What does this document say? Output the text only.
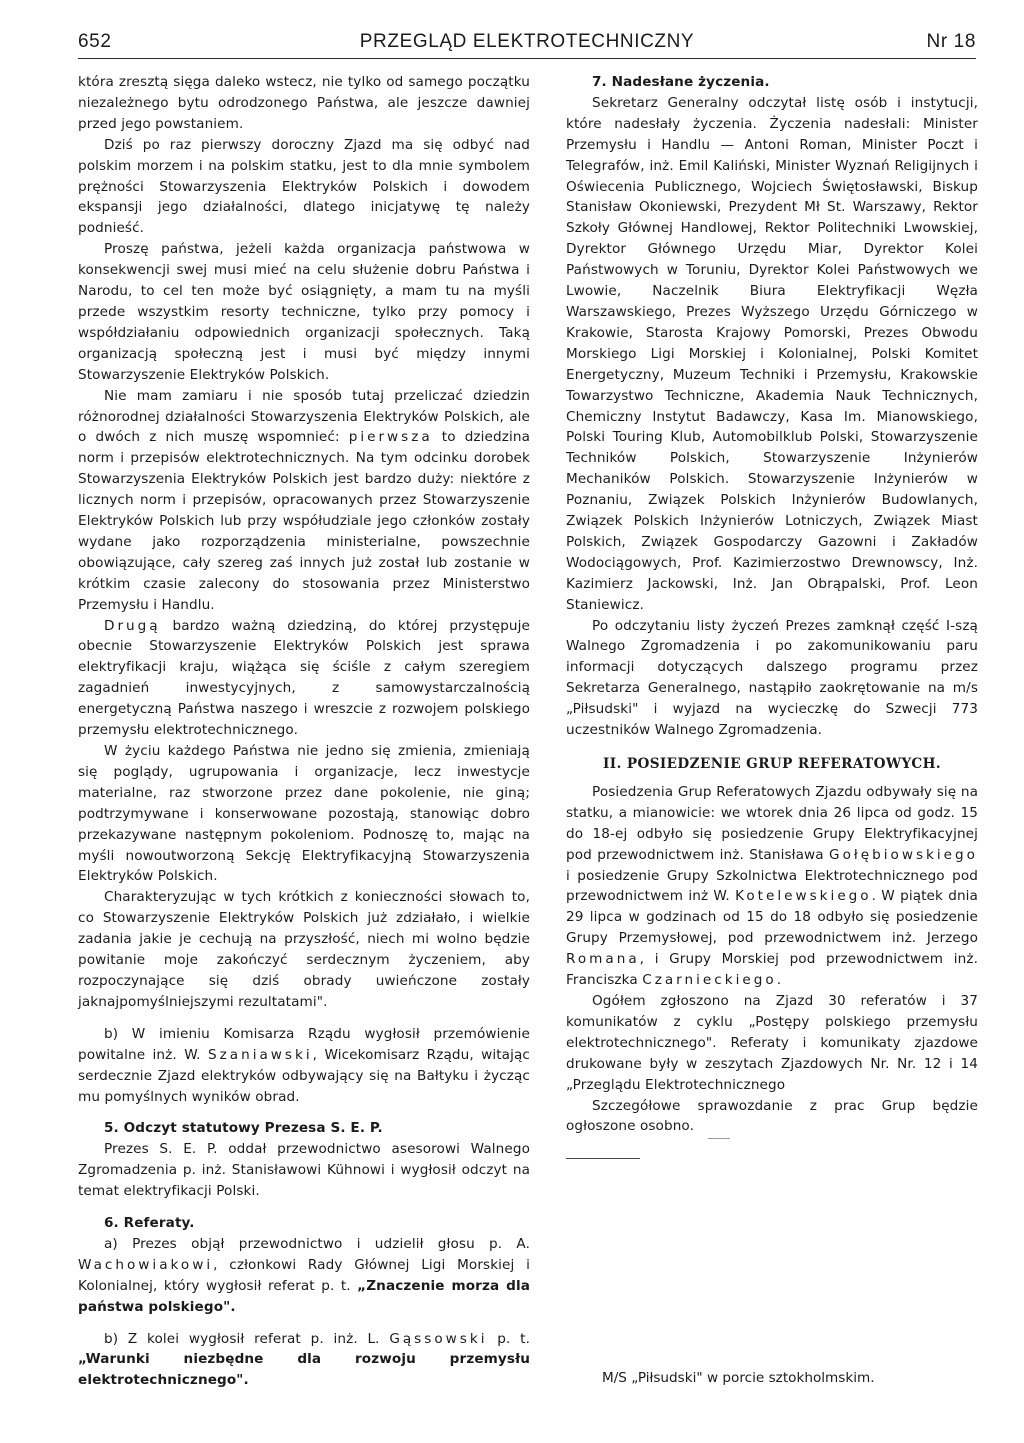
652	PRZEGLĄD ELEKTROTECHNICZNY	Nr 18

która zresztą sięga daleko wstecz, nie tylko od samego początku niezależnego bytu odrodzonego Państwa, ale jeszcze dawniej przed jego powstaniem.

Dziś po raz pierwszy doroczny Zjazd ma się odbyć nad polskim morzem i na polskim statku, jest to dla mnie symbolem prężności Stowarzyszenia Elektryków Polskich i dowodem ekspansji jego działalności, dlatego inicjatywę tę należy podnieść.

Proszę państwa, jeżeli każda organizacja państwowa w konsekwencji swej musi mieć na celu służenie dobru Państwa i Narodu, to cel ten może być osiągnięty, a mam tu na myśli przede wszystkim resorty techniczne, tylko przy pomocy i współdziałaniu odpowiednich organizacji społecznych. Taką organizacją społeczną jest i musi być między innymi Stowarzyszenie Elektryków Polskich.

Nie mam zamiaru i nie sposób tutaj przeliczać dziedzin różnorodnej działalności Stowarzyszenia Elektryków Polskich, ale o dwóch z nich muszę wspomnieć: pierwsza to dziedzina norm i przepisów elektrotechnicznych. Na tym odcinku dorobek Stowarzyszenia Elektryków Polskich jest bardzo duży: niektóre z licznych norm i przepisów, opracowanych przez Stowarzyszenie Elektryków Polskich lub przy współudziale jego członków zostały wydane jako rozporządzenia ministerialne, powszechnie obowiązujące, cały szereg zaś innych już został lub zostanie w krótkim czasie zalecony do stosowania przez Ministerstwo Przemysłu i Handlu.

Drugą bardzo ważną dziedziną, do której przystępuje obecnie Stowarzyszenie Elektryków Polskich jest sprawa elektryfikacji kraju, wiążąca się ściśle z całym szeregiem zagadnień inwestycyjnych, z samowystarczalnością energetyczną Państwa naszego i wreszcie z rozwojem polskiego przemysłu elektrotechnicznego.

W życiu każdego Państwa nie jedno się zmienia, zmieniają się poglądy, ugrupowania i organizacje, lecz inwestycje materialne, raz stworzone przez dane pokolenie, nie giną; podtrzymywane i konserwowane pozostają, stanowiąc dobro przekazywane następnym pokoleniom. Podnoszę to, mając na myśli nowoutworzoną Sekcję Elektryfikacyjną Stowarzyszenia Elektryków Polskich.

Charakteryzując w tych krótkich z konieczności słowach to, co Stowarzyszenie Elektryków Polskich już zdziałało, i wielkie zadania jakie je cechują na przyszłość, niech mi wolno będzie powitanie moje zakończyć serdecznym życzeniem, aby rozpoczynające się dziś obrady uwieńczone zostały jaknajpomyślniejszymi rezultatami".

b) W imieniu Komisarza Rządu wygłosił przemówienie powitalne inż. W. Szaniawski, Wicekomisarz Rządu, witając serdecznie Zjazd elektryków odbywający się na Bałtyku i życząc mu pomyślnych wyników obrad.

5. Odczyt statutowy Prezesa S. E. P.

Prezes S. E. P. oddał przewodnictwo asesorowi Walnego Zgromadzenia p. inż. Stanisławowi Kühnowi i wygłosił odczyt na temat elektryfikacji Polski.

6. Referaty.

a) Prezes objął przewodnictwo i udzielił głosu p. A. Wachowiakowi, członkowi Rady Głównej Ligi Morskiej i Kolonialnej, który wygłosił referat p. t. „Znaczenie morza dla państwa polskiego".

b) Z kolei wygłosił referat p. inż. L. Gąssowski p. t. „Warunki niezbędne dla rozwoju przemysłu elektrotechnicznego".

7. Nadesłane życzenia.

Sekretarz Generalny odczytał listę osób i instytucji, które nadesłały życzenia. Życzenia nadesłali: Minister Przemysłu i Handlu — Antoni Roman, Minister Poczt i Telegrafów, inż. Emil Kaliński, Minister Wyznań Religijnych i Oświecenia Publicznego, Wojciech Świętosławski, Biskup Stanisław Okoniewski, Prezydent Mł St. Warszawy, Rektor Szkoły Głównej Handlowej, Rektor Politechniki Lwowskiej, Dyrektor Głównego Urzędu Miar, Dyrektor Kolei Państwowych w Toruniu, Dyrektor Kolei Państwowych we Lwowie, Naczelnik Biura Elektryfikacji Węzła Warszawskiego, Prezes Wyższego Urzędu Górniczego w Krakowie, Starosta Krajowy Pomorski, Prezes Obwodu Morskiego Ligi Morskiej i Kolonialnej, Polski Komitet Energetyczny, Muzeum Techniki i Przemysłu, Krakowskie Towarzystwo Techniczne, Akademia Nauk Technicznych, Chemiczny Instytut Badawczy, Kasa Im. Mianowskiego, Polski Touring Klub, Automobilklub Polski, Stowarzyszenie Techników Polskich, Stowarzyszenie Inżynierów Mechaników Polskich. Stowarzyszenie Inżynierów w Poznaniu, Związek Polskich Inżynierów Budowlanych, Związek Polskich Inżynierów Lotniczych, Związek Miast Polskich, Związek Gospodarczy Gazowni i Zakładów Wodociągowych, Prof. Kazimierzostwo Drewnowscy, Inż. Kazimierz Jackowski, Inż. Jan Obrąpalski, Prof. Leon Staniewicz.

Po odczytaniu listy życzeń Prezes zamknął część I-szą Walnego Zgromadzenia i po zakomunikowaniu paru informacji dotyczących dalszego programu przez Sekretarza Generalnego, nastąpiło zaokrętowanie na m/s „Piłsudski" i wyjazd na wycieczkę do Szwecji 773 uczestników Walnego Zgromadzenia.

II. POSIEDZENIE GRUP REFERATOWYCH.

Posiedzenia Grup Referatowych Zjazdu odbywały się na statku, a mianowicie: we wtorek dnia 26 lipca od godz. 15 do 18-ej odbyło się posiedzenie Grupy Elektryfikacyjnej pod przewodnictwem inż. Stanisława Gołębiowskiego i posiedzenie Grupy Szkolnictwa Elektrotechnicznego pod przewodnictwem inż W. Kotelewskiego. W piątek dnia 29 lipca w godzinach od 15 do 18 odbyło się posiedzenie Grupy Przemysłowej, pod przewodnictwem inż. Jerzego Romana, i Grupy Morskiej pod przewodnictwem inż. Franciszka Czarnieckiego.

Ogółem zgłoszono na Zjazd 30 referatów i 37 komunikatów z cyklu „Postępy polskiego przemysłu elektrotechnicznego". Referaty i komunikaty zjazdowe drukowane były w zeszytach Zjazdowych Nr. Nr. 12 i 14 „Przeglądu Elektrotechnicznego

Szczegółowe sprawozdanie z prac Grup będzie ogłoszone osobno.

M/S „Piłsudski" w porcie sztokholmskim.
